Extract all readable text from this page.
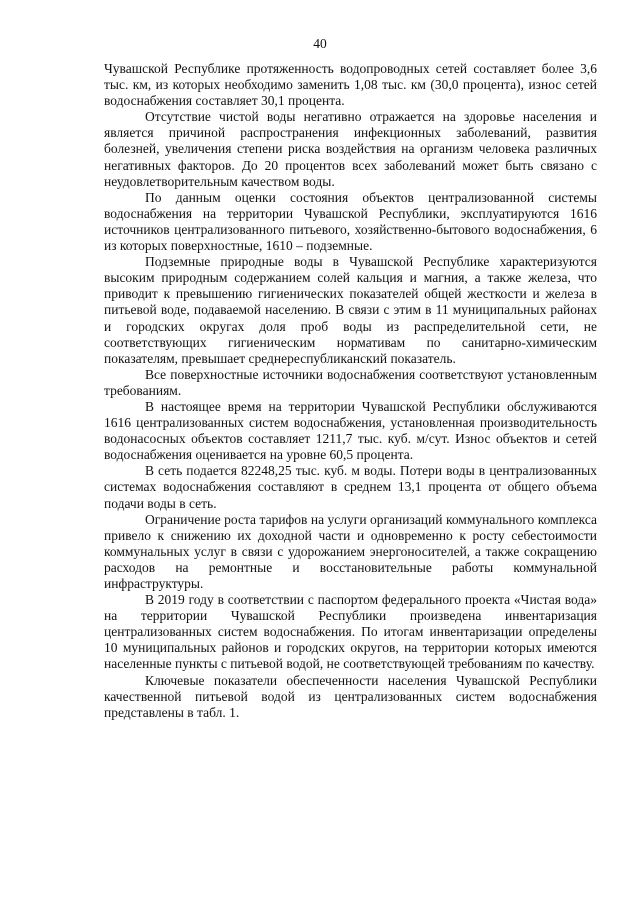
40

Чувашской Республике протяженность водопроводных сетей составляет более 3,6 тыс. км, из которых необходимо заменить 1,08 тыс. км (30,0 процента), износ сетей водоснабжения составляет 30,1 процента.

Отсутствие чистой воды негативно отражается на здоровье населения и является причиной распространения инфекционных заболеваний, развития болезней, увеличения степени риска воздействия на организм человека различных негативных факторов. До 20 процентов всех заболеваний может быть связано с неудовлетворительным качеством воды.

По данным оценки состояния объектов централизованной системы водоснабжения на территории Чувашской Республики, эксплуатируются 1616 источников централизованного питьевого, хозяйственно-бытового водоснабжения, 6 из которых поверхностные, 1610 – подземные.

Подземные природные воды в Чувашской Республике характеризуются высоким природным содержанием солей кальция и магния, а также железа, что приводит к превышению гигиенических показателей общей жесткости и железа в питьевой воде, подаваемой населению. В связи с этим в 11 муниципальных районах и городских округах доля проб воды из распределительной сети, не соответствующих гигиеническим нормативам по санитарно-химическим показателям, превышает среднереспубликанский показатель.

Все поверхностные источники водоснабжения соответствуют установленным требованиям.

В настоящее время на территории Чувашской Республики обслуживаются 1616 централизованных систем водоснабжения, установленная производительность водонасосных объектов составляет 1211,7 тыс. куб. м/сут. Износ объектов и сетей водоснабжения оценивается на уровне 60,5 процента.

В сеть подается 82248,25 тыс. куб. м воды. Потери воды в централизованных системах водоснабжения составляют в среднем 13,1 процента от общего объема подачи воды в сеть.

Ограничение роста тарифов на услуги организаций коммунального комплекса привело к снижению их доходной части и одновременно к росту себестоимости коммунальных услуг в связи с удорожанием энергоносителей, а также сокращению расходов на ремонтные и восстановительные работы коммунальной инфраструктуры.

В 2019 году в соответствии с паспортом федерального проекта «Чистая вода» на территории Чувашской Республики произведена инвентаризация централизованных систем водоснабжения. По итогам инвентаризации определены 10 муниципальных районов и городских округов, на территории которых имеются населенные пункты с питьевой водой, не соответствующей требованиям по качеству.

Ключевые показатели обеспеченности населения Чувашской Республики качественной питьевой водой из централизованных систем водоснабжения представлены в табл. 1.
